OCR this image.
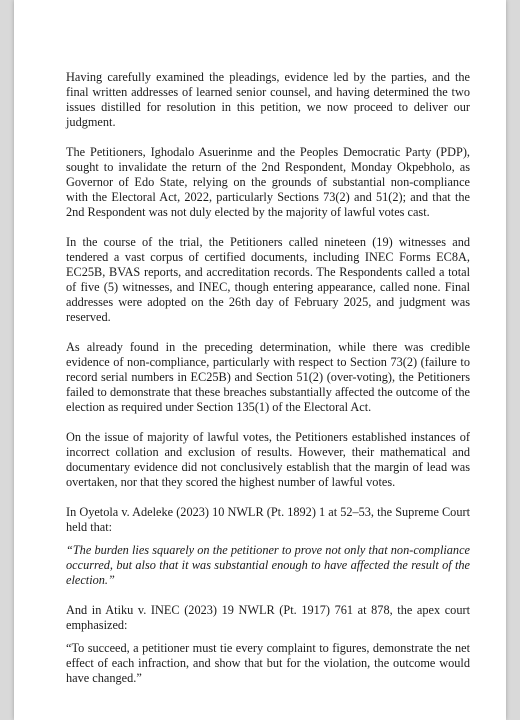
Having carefully examined the pleadings, evidence led by the parties, and the final written addresses of learned senior counsel, and having determined the two issues distilled for resolution in this petition, we now proceed to deliver our judgment.

The Petitioners, Ighodalo Asuerinme and the Peoples Democratic Party (PDP), sought to invalidate the return of the 2nd Respondent, Monday Okpebholo, as Governor of Edo State, relying on the grounds of substantial non-compliance with the Electoral Act, 2022, particularly Sections 73(2) and 51(2); and that the 2nd Respondent was not duly elected by the majority of lawful votes cast.

In the course of the trial, the Petitioners called nineteen (19) witnesses and tendered a vast corpus of certified documents, including INEC Forms EC8A, EC25B, BVAS reports, and accreditation records. The Respondents called a total of five (5) witnesses, and INEC, though entering appearance, called none. Final addresses were adopted on the 26th day of February 2025, and judgment was reserved.

As already found in the preceding determination, while there was credible evidence of non-compliance, particularly with respect to Section 73(2) (failure to record serial numbers in EC25B) and Section 51(2) (over-voting), the Petitioners failed to demonstrate that these breaches substantially affected the outcome of the election as required under Section 135(1) of the Electoral Act.

On the issue of majority of lawful votes, the Petitioners established instances of incorrect collation and exclusion of results. However, their mathematical and documentary evidence did not conclusively establish that the margin of lead was overtaken, nor that they scored the highest number of lawful votes.

In Oyetola v. Adeleke (2023) 10 NWLR (Pt. 1892) 1 at 52–53, the Supreme Court held that:

“The burden lies squarely on the petitioner to prove not only that non-compliance occurred, but also that it was substantial enough to have affected the result of the election.”

And in Atiku v. INEC (2023) 19 NWLR (Pt. 1917) 761 at 878, the apex court emphasized:

“To succeed, a petitioner must tie every complaint to figures, demonstrate the net effect of each infraction, and show that but for the violation, the outcome would have changed.”
